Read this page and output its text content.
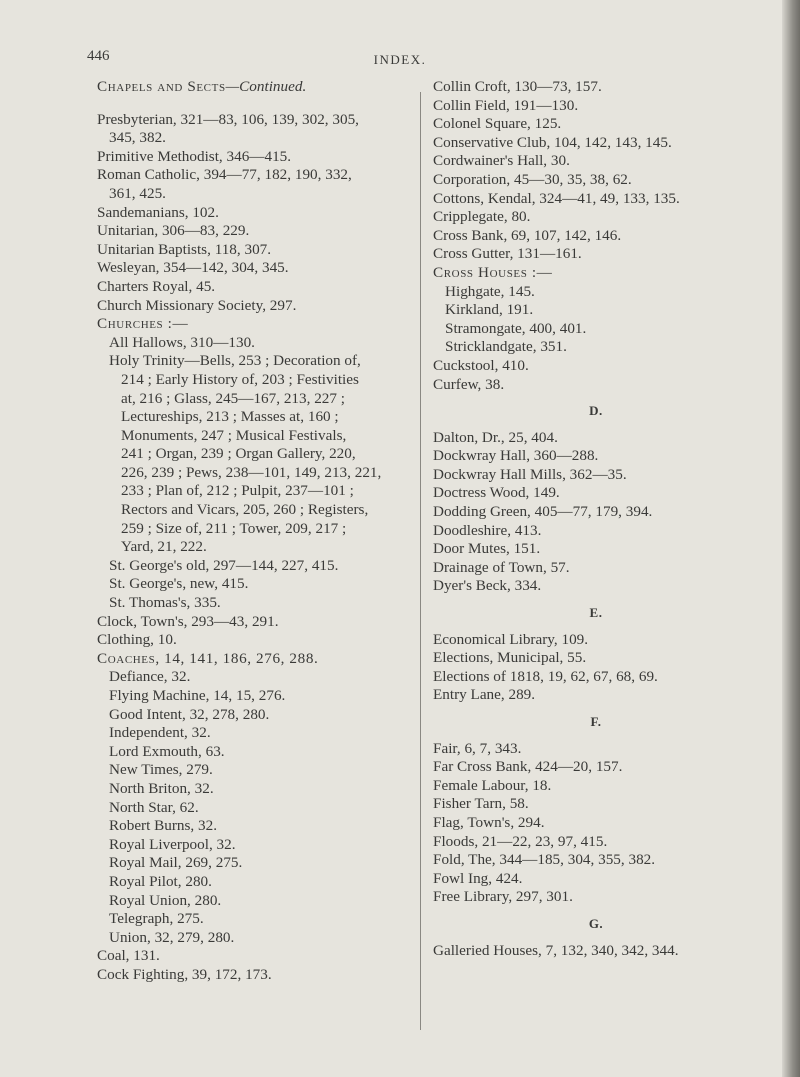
446	INDEX.
Chapels and Sects—Continued.
Presbyterian, 321—83, 106, 139, 302, 305,
345, 382.
Primitive Methodist, 346—415.
Roman Catholic, 394—77, 182, 190, 332,
361, 425.
Sandemanians, 102.
Unitarian, 306—83, 229.
Unitarian Baptists, 118, 307.
Wesleyan, 354—142, 304, 345.
Charters Royal, 45.
Church Missionary Society, 297.
Churches :—
All Hallows, 310—130.
Holy Trinity—Bells, 253 ; Decoration of,
214 ; Early History of, 203 ; Festivities
at, 216 ; Glass, 245—167, 213, 227 ;
Lectureships, 213 ; Masses at, 160 ;
Monuments, 247 ; Musical Festivals,
241 ; Organ, 239 ; Organ Gallery, 220,
226, 239 ; Pews, 238—101, 149, 213, 221,
233 ; Plan of, 212 ; Pulpit, 237—101 ;
Rectors and Vicars, 205, 260 ; Registers,
259 ; Size of, 211 ; Tower, 209, 217 ;
Yard, 21, 222.
St. George's old, 297—144, 227, 415.
St. George's, new, 415.
St. Thomas's, 335.
Clock, Town's, 293—43, 291.
Clothing, 10.
Coaches, 14, 141, 186, 276, 288.
Defiance, 32.
Flying Machine, 14, 15, 276.
Good Intent, 32, 278, 280.
Independent, 32.
Lord Exmouth, 63.
New Times, 279.
North Briton, 32.
North Star, 62.
Robert Burns, 32.
Royal Liverpool, 32.
Royal Mail, 269, 275.
Royal Pilot, 280.
Royal Union, 280.
Telegraph, 275.
Union, 32, 279, 280.
Coal, 131.
Cock Fighting, 39, 172, 173.
Collin Croft, 130—73, 157.
Collin Field, 191—130.
Colonel Square, 125.
Conservative Club, 104, 142, 143, 145.
Cordwainer's Hall, 30.
Corporation, 45—30, 35, 38, 62.
Cottons, Kendal, 324—41, 49, 133, 135.
Cripplegate, 80.
Cross Bank, 69, 107, 142, 146.
Cross Gutter, 131—161.
Cross Houses :—
Highgate, 145.
Kirkland, 191.
Stramongate, 400, 401.
Stricklandgate, 351.
Cuckstool, 410.
Curfew, 38.
D.
Dalton, Dr., 25, 404.
Dockwray Hall, 360—288.
Dockwray Hall Mills, 362—35.
Doctress Wood, 149.
Dodding Green, 405—77, 179, 394.
Doodleshire, 413.
Door Mutes, 151.
Drainage of Town, 57.
Dyer's Beck, 334.
E.
Economical Library, 109.
Elections, Municipal, 55.
Elections of 1818, 19, 62, 67, 68, 69.
Entry Lane, 289.
F.
Fair, 6, 7, 343.
Far Cross Bank, 424—20, 157.
Female Labour, 18.
Fisher Tarn, 58.
Flag, Town's, 294.
Floods, 21—22, 23, 97, 415.
Fold, The, 344—185, 304, 355, 382.
Fowl Ing, 424.
Free Library, 297, 301.
G.
Galleried Houses, 7, 132, 340, 342, 344.
